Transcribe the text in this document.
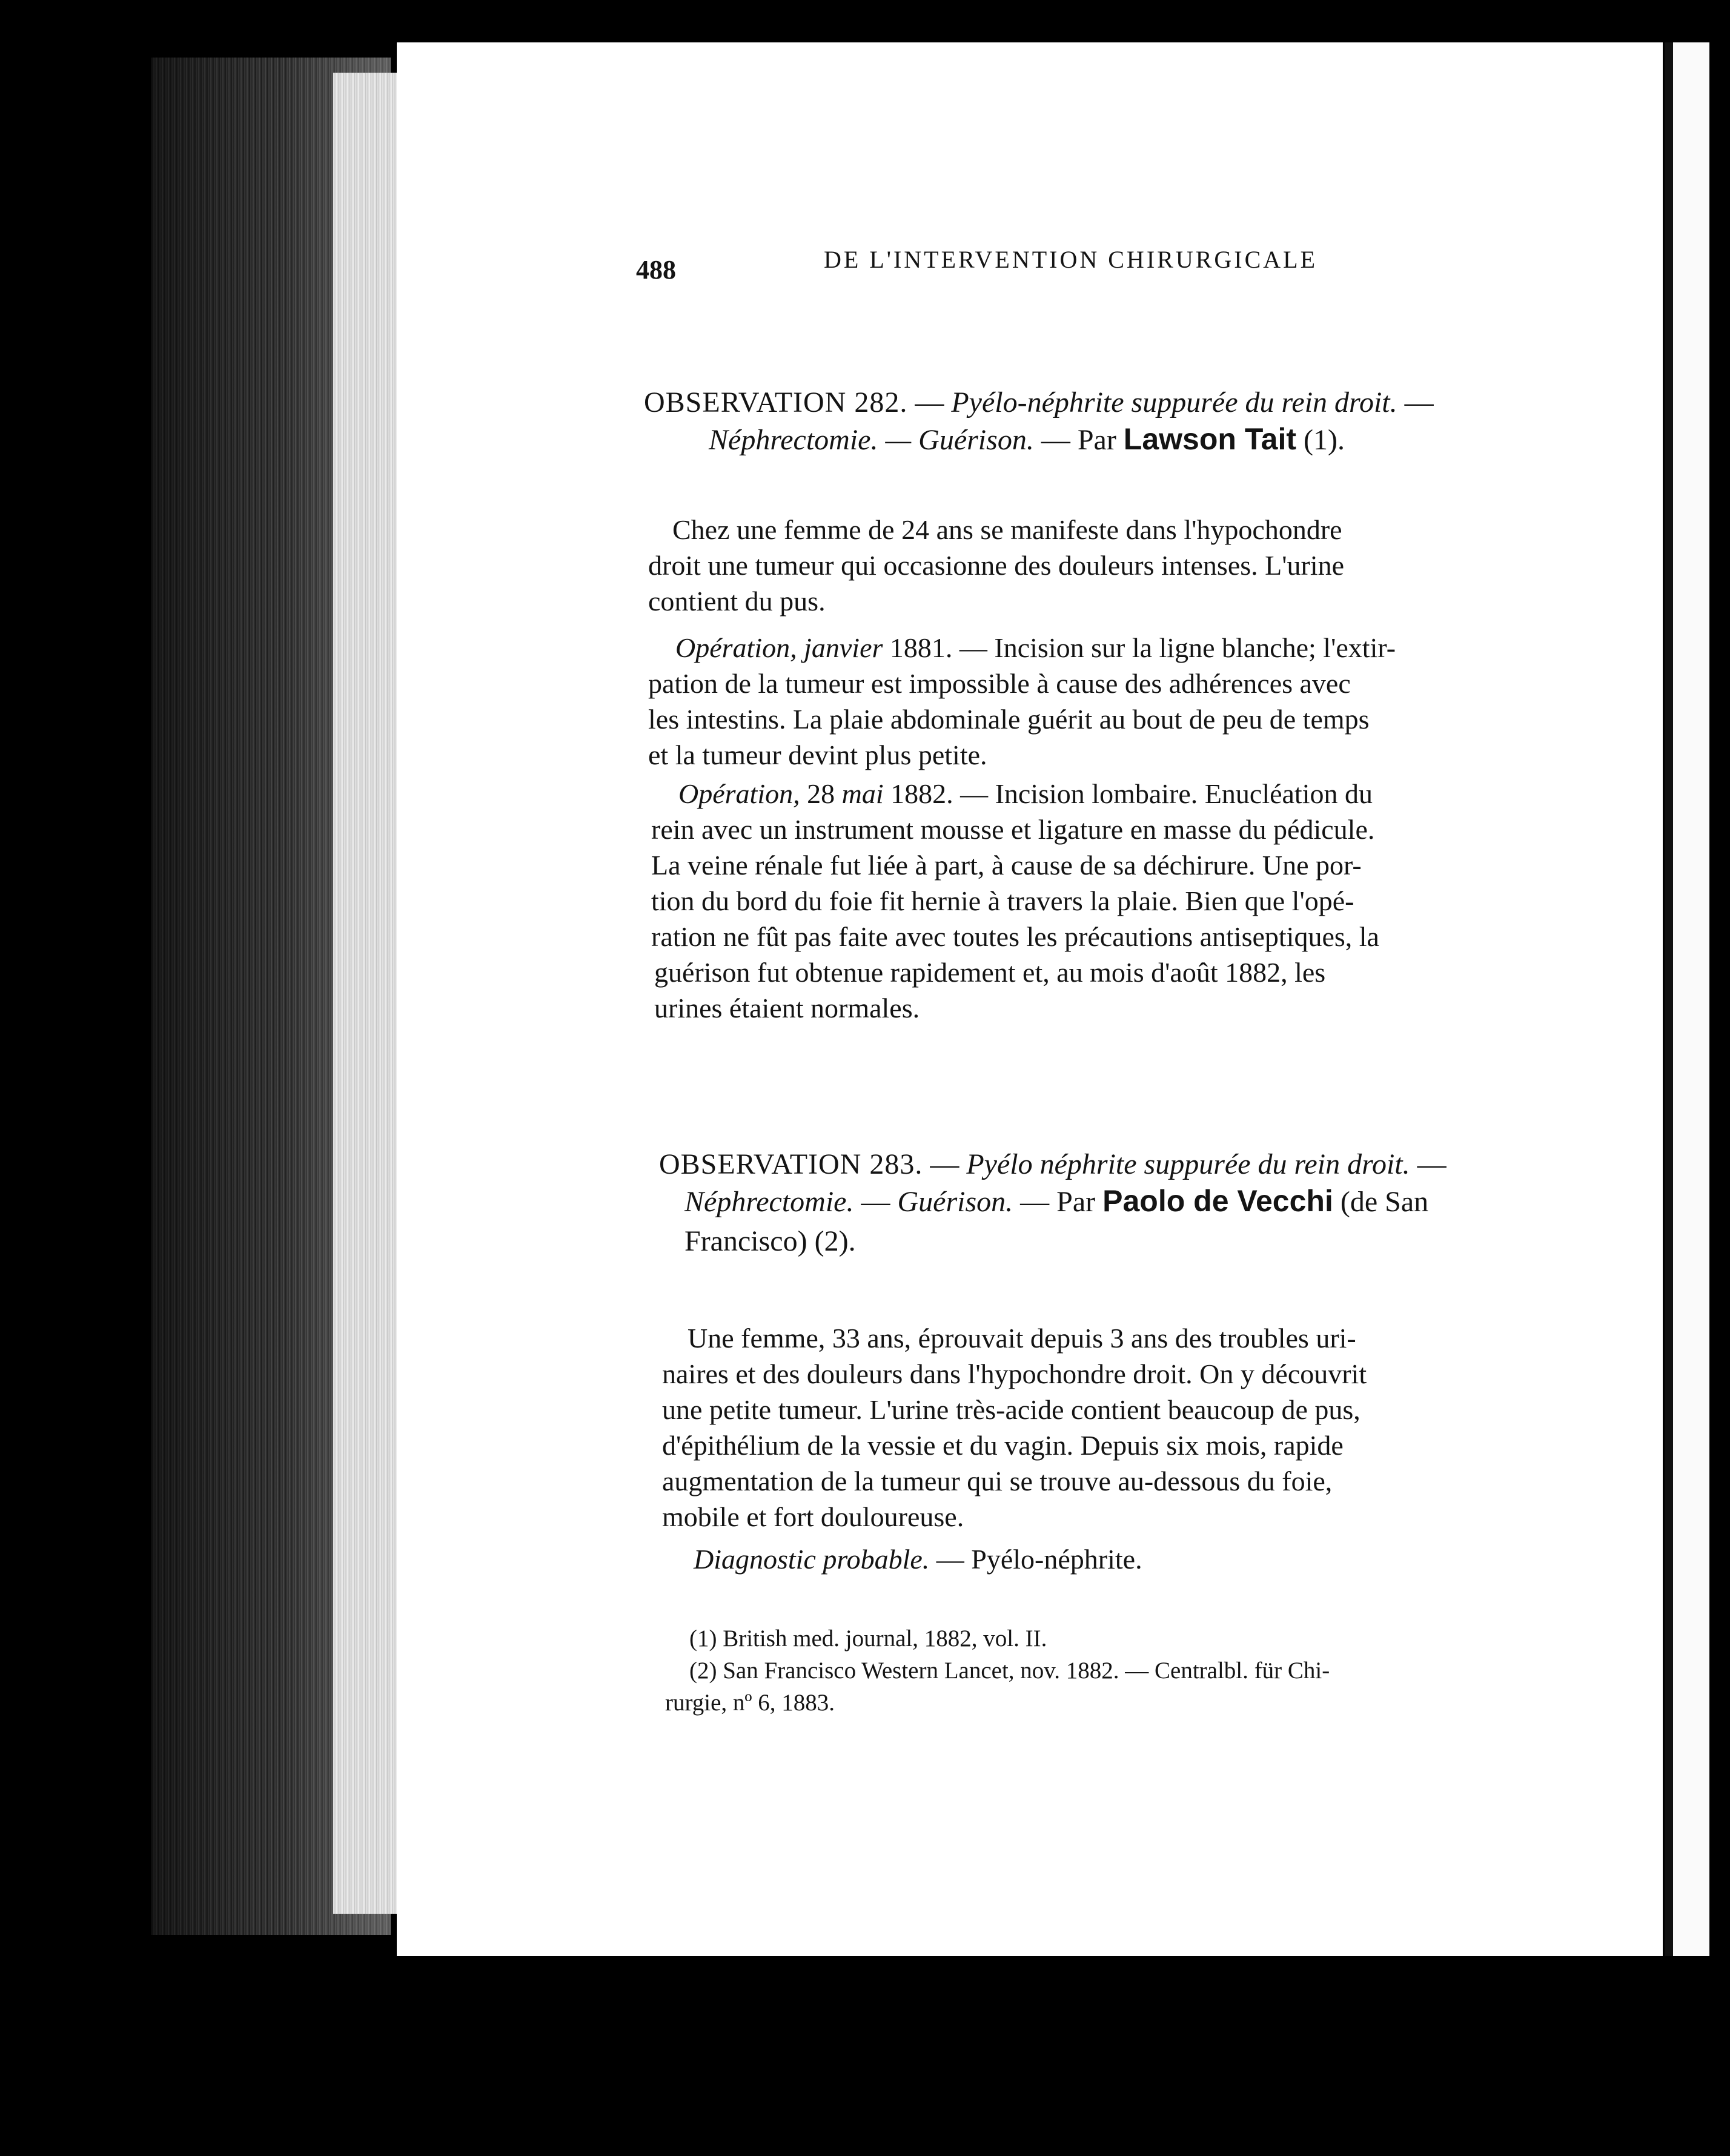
488	DE L'INTERVENTION CHIRURGICALE
OBSERVATION 282. — Pyélo-néphrite suppurée du rein droit. —
Néphrectomie. — Guérison. — Par Lawson Tait (1).
Chez une femme de 24 ans se manifeste dans l'hypochondre
droit une tumeur qui occasionne des douleurs intenses. L'urine
contient du pus.
Opération, janvier 1881. — Incision sur la ligne blanche; l'extir-
pation de la tumeur est impossible à cause des adhérences avec
les intestins. La plaie abdominale guérit au bout de peu de temps
et la tumeur devint plus petite.
Opération, 28 mai 1882. — Incision lombaire. Enucléation du
rein avec un instrument mousse et ligature en masse du pédicule.
La veine rénale fut liée à part, à cause de sa déchirure. Une por-
tion du bord du foie fit hernie à travers la plaie. Bien que l'opé-
ration ne fût pas faite avec toutes les précautions antiseptiques, la
guérison fut obtenue rapidement et, au mois d'août 1882, les
urines étaient normales.
OBSERVATION 283. — Pyélo néphrite suppurée du rein droit. —
Néphrectomie. — Guérison. — Par Paolo de Vecchi (de San
Francisco) (2).
Une femme, 33 ans, éprouvait depuis 3 ans des troubles uri-
naires et des douleurs dans l'hypochondre droit. On y découvrit
une petite tumeur. L'urine très-acide contient beaucoup de pus,
d'épithélium de la vessie et du vagin. Depuis six mois, rapide
augmentation de la tumeur qui se trouve au-dessous du foie,
mobile et fort douloureuse.
Diagnostic probable. — Pyélo-néphrite.
(1) British med. journal, 1882, vol. II.
(2) San Francisco Western Lancet, nov. 1882. — Centralbl. für Chi-
rurgie, nº 6, 1883.
